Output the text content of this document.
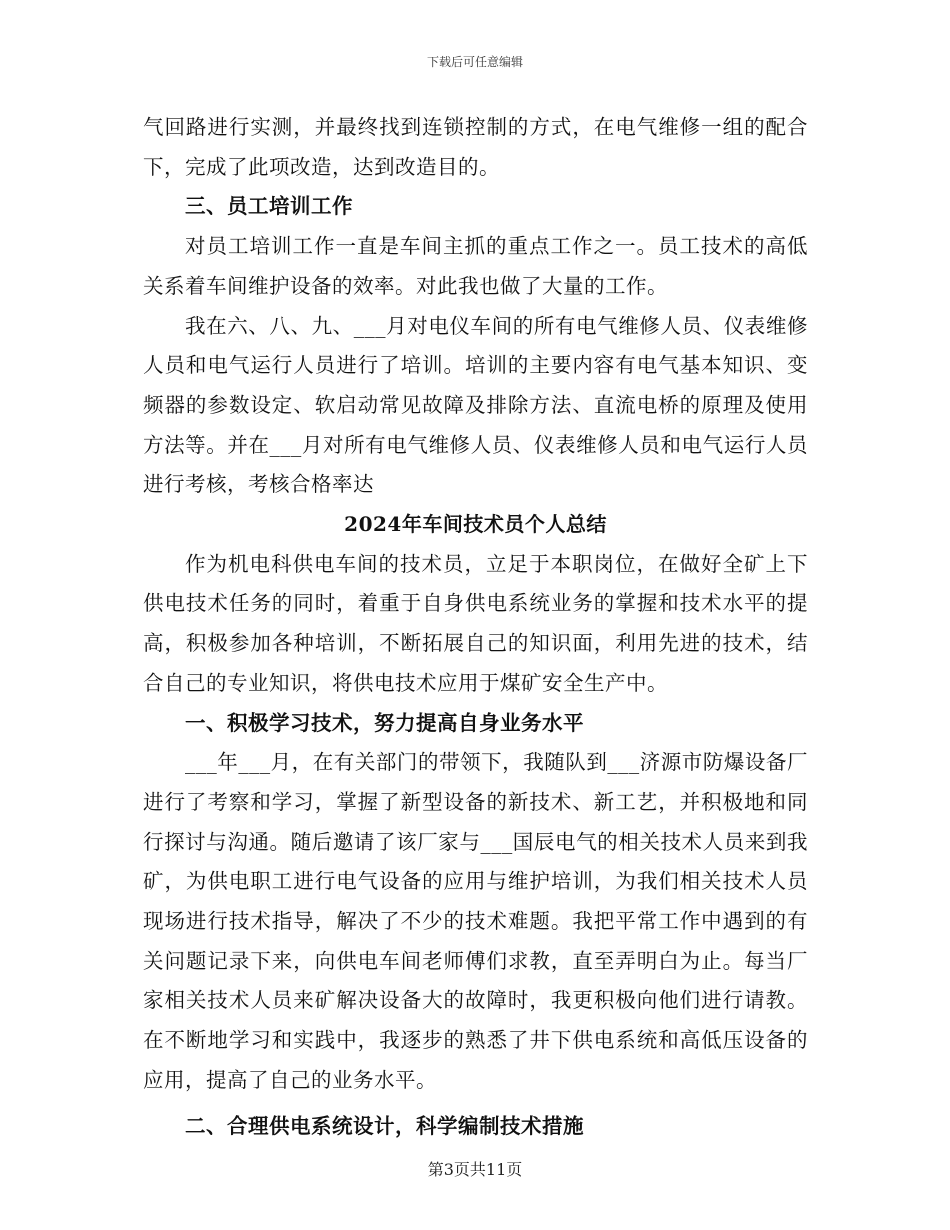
下载后可任意编辑

气回路进行实测，并最终找到连锁控制的方式，在电气维修一组的配合下，完成了此项改造，达到改造目的。

三、员工培训工作

对员工培训工作一直是车间主抓的重点工作之一。员工技术的高低关系着车间维护设备的效率。对此我也做了大量的工作。

我在六、八、九、___月对电仪车间的所有电气维修人员、仪表维修人员和电气运行人员进行了培训。培训的主要内容有电气基本知识、变频器的参数设定、软启动常见故障及排除方法、直流电桥的原理及使用方法等。并在___月对所有电气维修人员、仪表维修人员和电气运行人员进行考核，考核合格率达

2024年车间技术员个人总结

作为机电科供电车间的技术员，立足于本职岗位，在做好全矿上下供电技术任务的同时，着重于自身供电系统业务的掌握和技术水平的提高，积极参加各种培训，不断拓展自己的知识面，利用先进的技术，结合自己的专业知识，将供电技术应用于煤矿安全生产中。

一、积极学习技术，努力提高自身业务水平

___年___月，在有关部门的带领下，我随队到___济源市防爆设备厂进行了考察和学习，掌握了新型设备的新技术、新工艺，并积极地和同行探讨与沟通。随后邀请了该厂家与___国辰电气的相关技术人员来到我矿，为供电职工进行电气设备的应用与维护培训，为我们相关技术人员现场进行技术指导，解决了不少的技术难题。我把平常工作中遇到的有关问题记录下来，向供电车间老师傅们求教，直至弄明白为止。每当厂家相关技术人员来矿解决设备大的故障时，我更积极向他们进行请教。在不断地学习和实践中，我逐步的熟悉了井下供电系统和高低压设备的应用，提高了自己的业务水平。

二、合理供电系统设计，科学编制技术措施

第3页共11页
